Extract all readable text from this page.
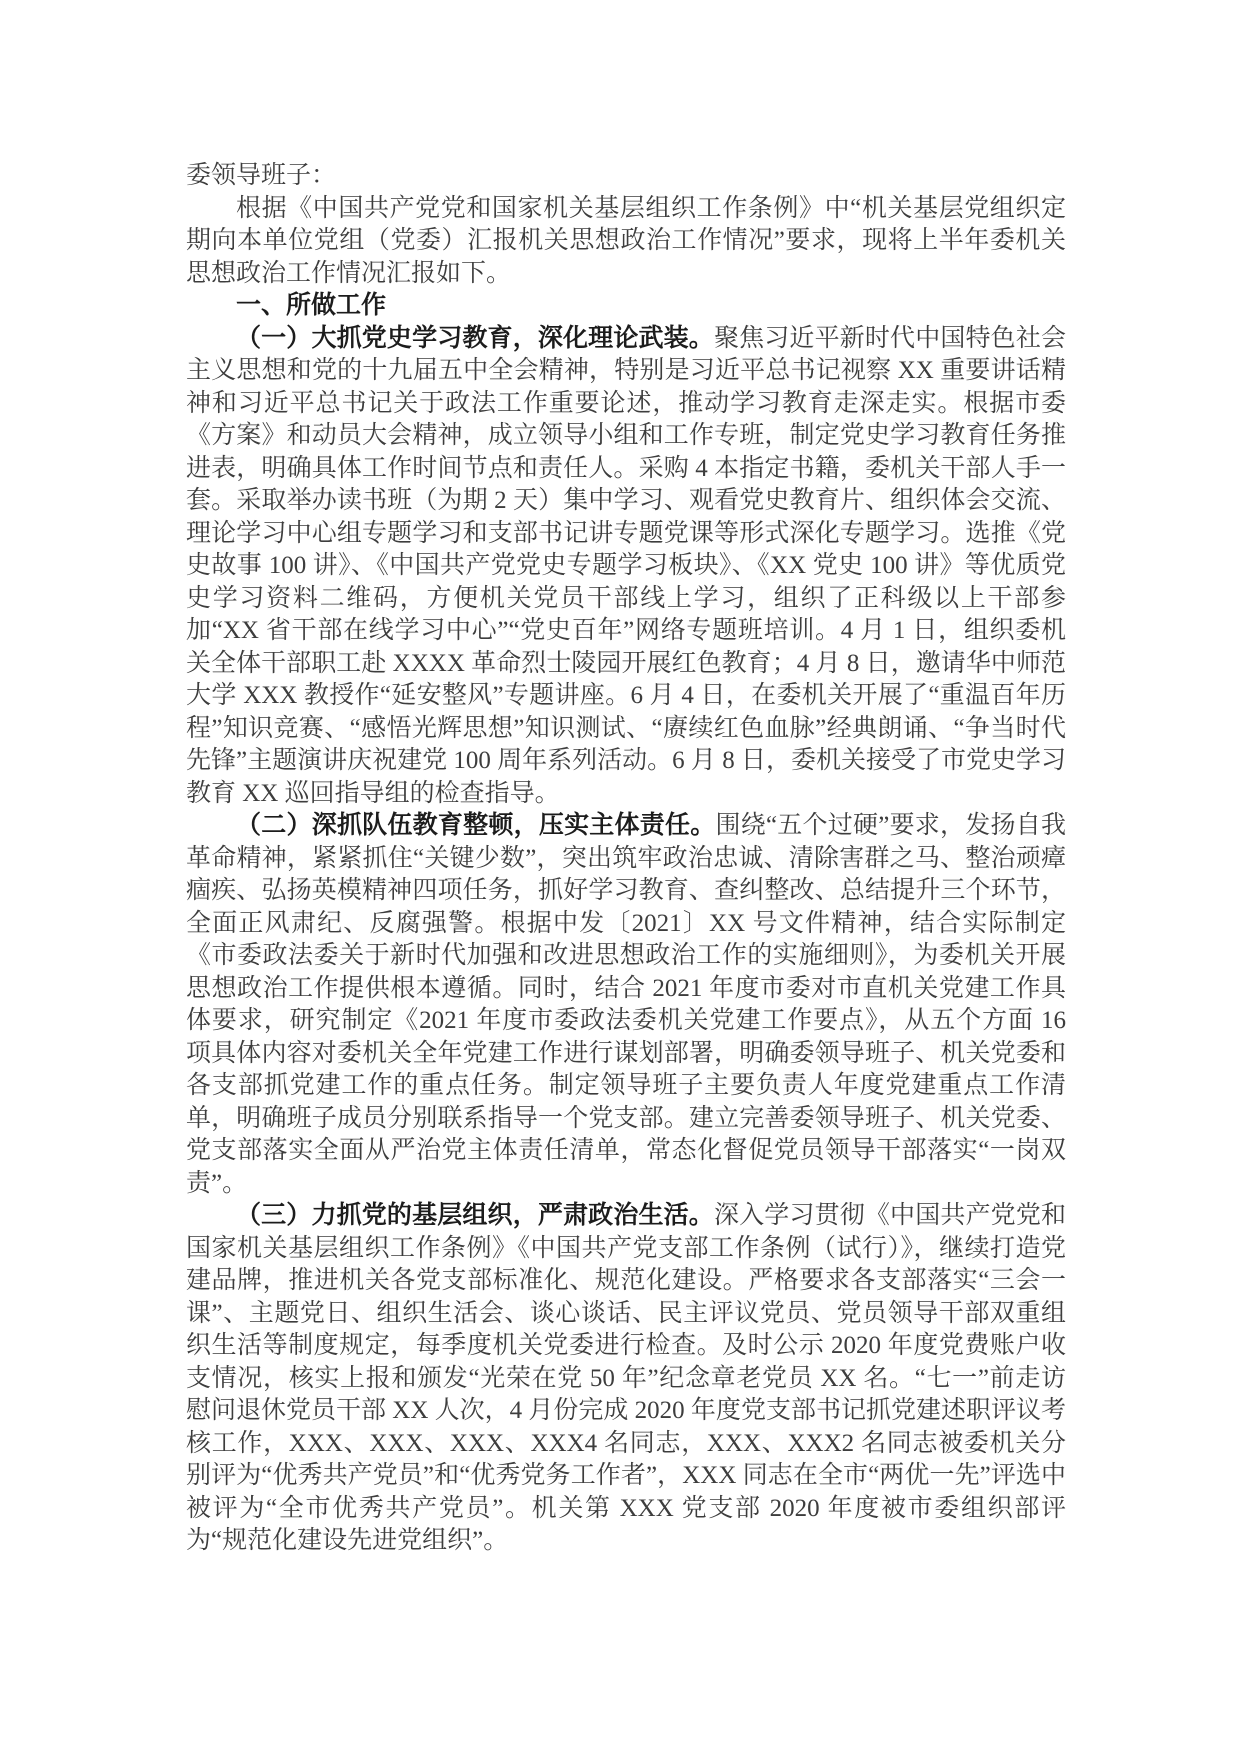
委领导班子：

根据《中国共产党党和国家机关基层组织工作条例》中“机关基层党组织定期向本单位党组（党委）汇报机关思想政治工作情况”要求，现将上半年委机关思想政治工作情况汇报如下。

一、所做工作

（一）大抓党史学习教育，深化理论武装。聚焦习近平新时代中国特色社会主义思想和党的十九届五中全会精神，特别是习近平总书记视察 XX 重要讲话精神和习近平总书记关于政法工作重要论述，推动学习教育走深走实。根据市委《方案》和动员大会精神，成立领导小组和工作专班，制定党史学习教育任务推进表，明确具体工作时间节点和责任人。采购 4 本指定书籍，委机关干部人手一套。采取举办读书班（为期 2 天）集中学习、观看党史教育片、组织体会交流、理论学习中心组专题学习和支部书记讲专题党课等形式深化专题学习。选推《党史故事 100 讲》、《中国共产党党史专题学习板块》、《XX 党史 100 讲》等优质党史学习资料二维码，方便机关党员干部线上学习，组织了正科级以上干部参加“XX 省干部在线学习中心”“党史百年”网络专题班培训。4 月 1 日，组织委机关全体干部职工赴 XXXX 革命烈士陵园开展红色教育；4 月 8 日，邀请华中师范大学 XXX 教授作“延安整风”专题讲座。6 月 4 日，在委机关开展了“重温百年历程”知识竞赛、“感悟光辉思想”知识测试、“赓续红色血脉”经典朗诵、“争当时代先锋”主题演讲庆祝建党 100 周年系列活动。6 月 8 日，委机关接受了市党史学习教育 XX 巡回指导组的检查指导。

（二）深抓队伍教育整顿，压实主体责任。围绕“五个过硬”要求，发扬自我革命精神，紧紧抓住“关键少数”，突出筑牢政治忠诚、清除害群之马、整治顽瘴痼疾、弘扬英模精神四项任务，抓好学习教育、查纠整改、总结提升三个环节，全面正风肃纪、反腐强警。根据中发〔2021〕XX 号文件精神，结合实际制定《市委政法委关于新时代加强和改进思想政治工作的实施细则》，为委机关开展思想政治工作提供根本遵循。同时，结合 2021 年度市委对市直机关党建工作具体要求，研究制定《2021 年度市委政法委机关党建工作要点》，从五个方面 16 项具体内容对委机关全年党建工作进行谋划部署，明确委领导班子、机关党委和各支部抓党建工作的重点任务。制定领导班子主要负责人年度党建重点工作清单，明确班子成员分别联系指导一个党支部。建立完善委领导班子、机关党委、党支部落实全面从严治党主体责任清单，常态化督促党员领导干部落实“一岗双责”。

（三）力抓党的基层组织，严肃政治生活。深入学习贯彻《中国共产党党和国家机关基层组织工作条例》《中国共产党支部工作条例（试行）》，继续打造党建品牌，推进机关各党支部标准化、规范化建设。严格要求各支部落实“三会一课”、主题党日、组织生活会、谈心谈话、民主评议党员、党员领导干部双重组织生活等制度规定，每季度机关党委进行检查。及时公示 2020 年度党费账户收支情况，核实上报和颁发“光荣在党 50 年”纪念章老党员 XX 名。“七一”前走访慰问退休党员干部 XX 人次，4 月份完成 2020 年度党支部书记抓党建述职评议考核工作，XXX、XXX、XXX、XXX4 名同志，XXX、XXX2 名同志被委机关分别评为“优秀共产党员”和“优秀党务工作者”，XXX 同志在全市“两优一先”评选中被评为“全市优秀共产党员”。机关第 XXX 党支部 2020 年度被市委组织部评为“规范化建设先进党组织”。
